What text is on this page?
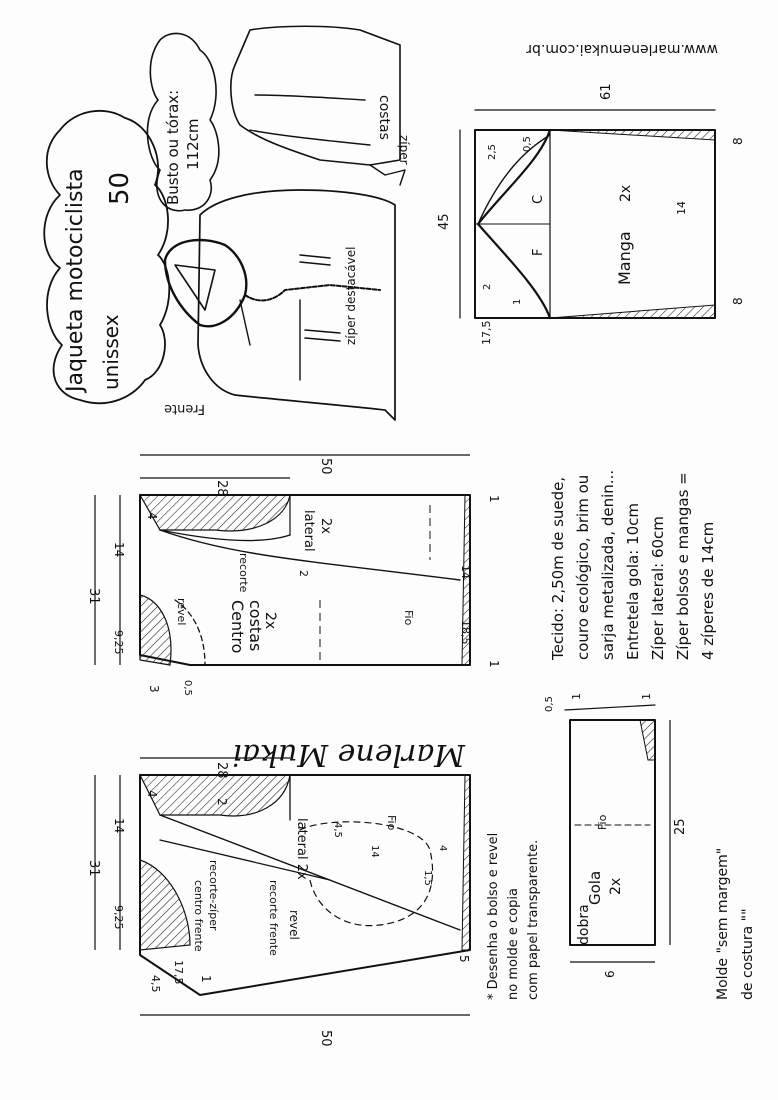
Jaqueta motociclista unissex
50 Busto ou tórax: 112cm
costas
zíper
zíper destacável
Frente
www.marlenemukai.com.br
45
61
17,5
8
8
2,5
0,5
2
1
14
C
F	Manga
2x
50
28
Centro costas
2x
lateral 2x
recorte
revel	Fio
31
14
9,25
4
3 0,5
1
1
18,5
2	14
Marlene Mukai
50
28
31
14
9,25
4
2
17,5
4,5
5
1
lateral 2x
recorte-zíper	recorte frente revel
centro frente
Fio
4,5
14	4
1,5	* Desenha o bolso e revel no molde e copia com papel transparente.
Tecido: 2,50m de suede, couro ecológico, brim ou sarja metalizada, denin... Entretela gola: 10cm Zíper lateral: 60cm Zíper bolsos e mangas = 4 zíperes de 14cm
Gola 2x
dobra
Fio	25
6
0,5 1	1
Molde "sem margem" de costura ""
